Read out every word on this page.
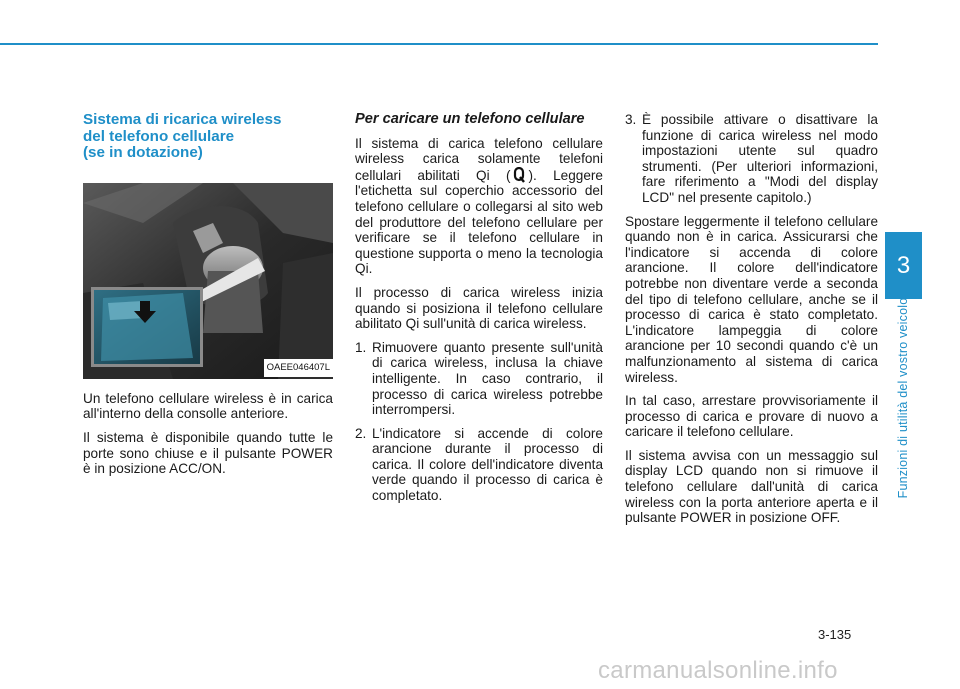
Sistema di ricarica wireless
del telefono cellulare
(se in dotazione)
OAEE046407L

Un telefono cellulare wireless è in carica all'interno della consolle anteriore.

Il sistema è disponibile quando tutte le porte sono chiuse e il pulsante POWER è in posizione ACC/ON.

Per caricare un telefono cellulare

Il sistema di carica telefono cellulare wireless carica solamente telefoni cellulari abilitati Qi ( ). Leggere l'etichetta sul coperchio accessorio del telefono cellulare o collegarsi al sito web del produttore del telefono cellulare per verificare se il telefono cellulare in questione supporta o meno la tecnologia Qi.

Il processo di carica wireless inizia quando si posiziona il telefono cellulare abilitato Qi sull'unità di carica wireless.

1. Rimuovere quanto presente sull'unità di carica wireless, inclusa la chiave intelligente. In caso contrario, il processo di carica wireless potrebbe interrompersi.
2. L'indicatore si accende di colore arancione durante il processo di carica. Il colore dell'indicatore diventa verde quando il processo di carica è completato.
3. È possibile attivare o disattivare la funzione di carica wireless nel modo impostazioni utente sul quadro strumenti. (Per ulteriori informazioni, fare riferimento a "Modi del display LCD" nel presente capitolo.)

Spostare leggermente il telefono cellulare quando non è in carica. Assicurarsi che l'indicatore si accenda di colore arancione. Il colore dell'indicatore potrebbe non diventare verde a seconda del tipo di telefono cellulare, anche se il processo di carica è stato completato. L'indicatore lampeggia di colore arancione per 10 secondi quando c'è un malfunzionamento al sistema di carica wireless.

In tal caso, arrestare provvisoriamente il processo di carica e provare di nuovo a caricare il telefono cellulare.

Il sistema avvisa con un messaggio sul display LCD quando non si rimuove il telefono cellulare dall'unità di carica wireless con la porta anteriore aperta e il pulsante POWER in posizione OFF.

3
Funzioni di utilità del vostro veicolo
3-135
carmanualsonline.info
